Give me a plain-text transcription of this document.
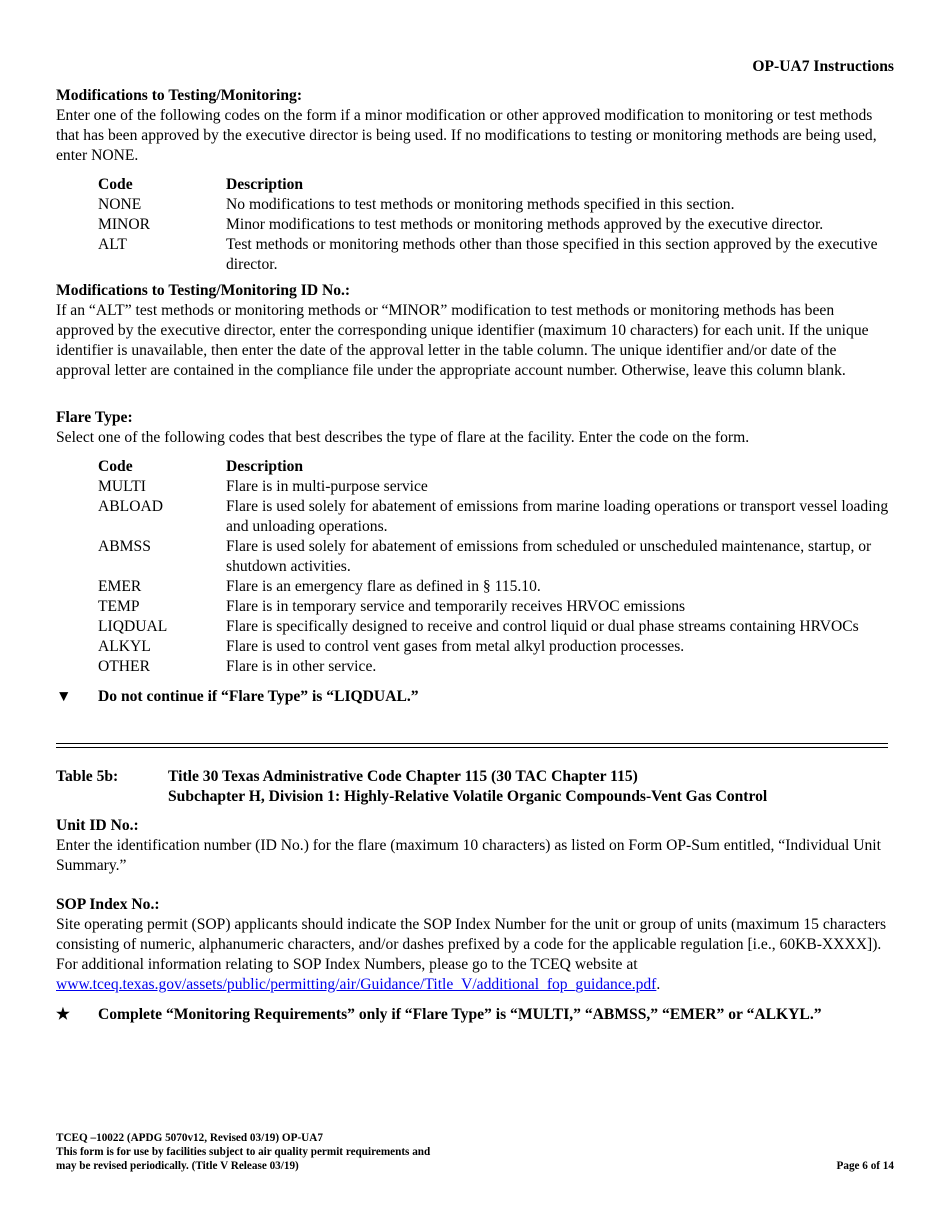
OP-UA7 Instructions

Modifications to Testing/Monitoring:

Enter one of the following codes on the form if a minor modification or other approved modification to monitoring or test methods that has been approved by the executive director is being used. If no modifications to testing or monitoring methods are being used, enter NONE.

Code	Description
NONE	No modifications to test methods or monitoring methods specified in this section.
MINOR	Minor modifications to test methods or monitoring methods approved by the executive director.
ALT	Test methods or monitoring methods other than those specified in this section approved by the executive director.

Modifications to Testing/Monitoring ID No.:

If an “ALT” test methods or monitoring methods or “MINOR” modification to test methods or monitoring methods has been approved by the executive director, enter the corresponding unique identifier (maximum 10 characters) for each unit. If the unique identifier is unavailable, then enter the date of the approval letter in the table column. The unique identifier and/or date of the approval letter are contained in the compliance file under the appropriate account number. Otherwise, leave this column blank.

Flare Type:

Select one of the following codes that best describes the type of flare at the facility. Enter the code on the form.

Code	Description
MULTI	Flare is in multi-purpose service
ABLOAD	Flare is used solely for abatement of emissions from marine loading operations or transport vessel loading and unloading operations.
ABMSS	Flare is used solely for abatement of emissions from scheduled or unscheduled maintenance, startup, or shutdown activities.
EMER	Flare is an emergency flare as defined in § 115.10.
TEMP	Flare is in temporary service and temporarily receives HRVOC emissions
LIQDUAL	Flare is specifically designed to receive and control liquid or dual phase streams containing HRVOCs
ALKYL	Flare is used to control vent gases from metal alkyl production processes.
OTHER	Flare is in other service.
▼	Do not continue if “Flare Type” is “LIQDUAL.”
Table 5b:	Title 30 Texas Administrative Code Chapter 115 (30 TAC Chapter 115)
Subchapter H, Division 1: Highly-Relative Volatile Organic Compounds-Vent Gas Control

Unit ID No.:

Enter the identification number (ID No.) for the flare (maximum 10 characters) as listed on Form OP-Sum entitled, “Individual Unit Summary.”

SOP Index No.:

Site operating permit (SOP) applicants should indicate the SOP Index Number for the unit or group of units (maximum 15 characters consisting of numeric, alphanumeric characters, and/or dashes prefixed by a code for the applicable regulation [i.e., 60KB-XXXX]). For additional information relating to SOP Index Numbers, please go to the TCEQ website at www.tceq.texas.gov/assets/public/permitting/air/Guidance/Title_V/additional_fop_guidance.pdf.

★	Complete “Monitoring Requirements” only if “Flare Type” is “MULTI,” “ABMSS,” “EMER” or “ALKYL.”
TCEQ –10022 (APDG 5070v12, Revised 03/19) OP-UA7
This form is for use by facilities subject to air quality permit requirements and
may be revised periodically. (Title V Release 03/19)	Page 6 of 14
